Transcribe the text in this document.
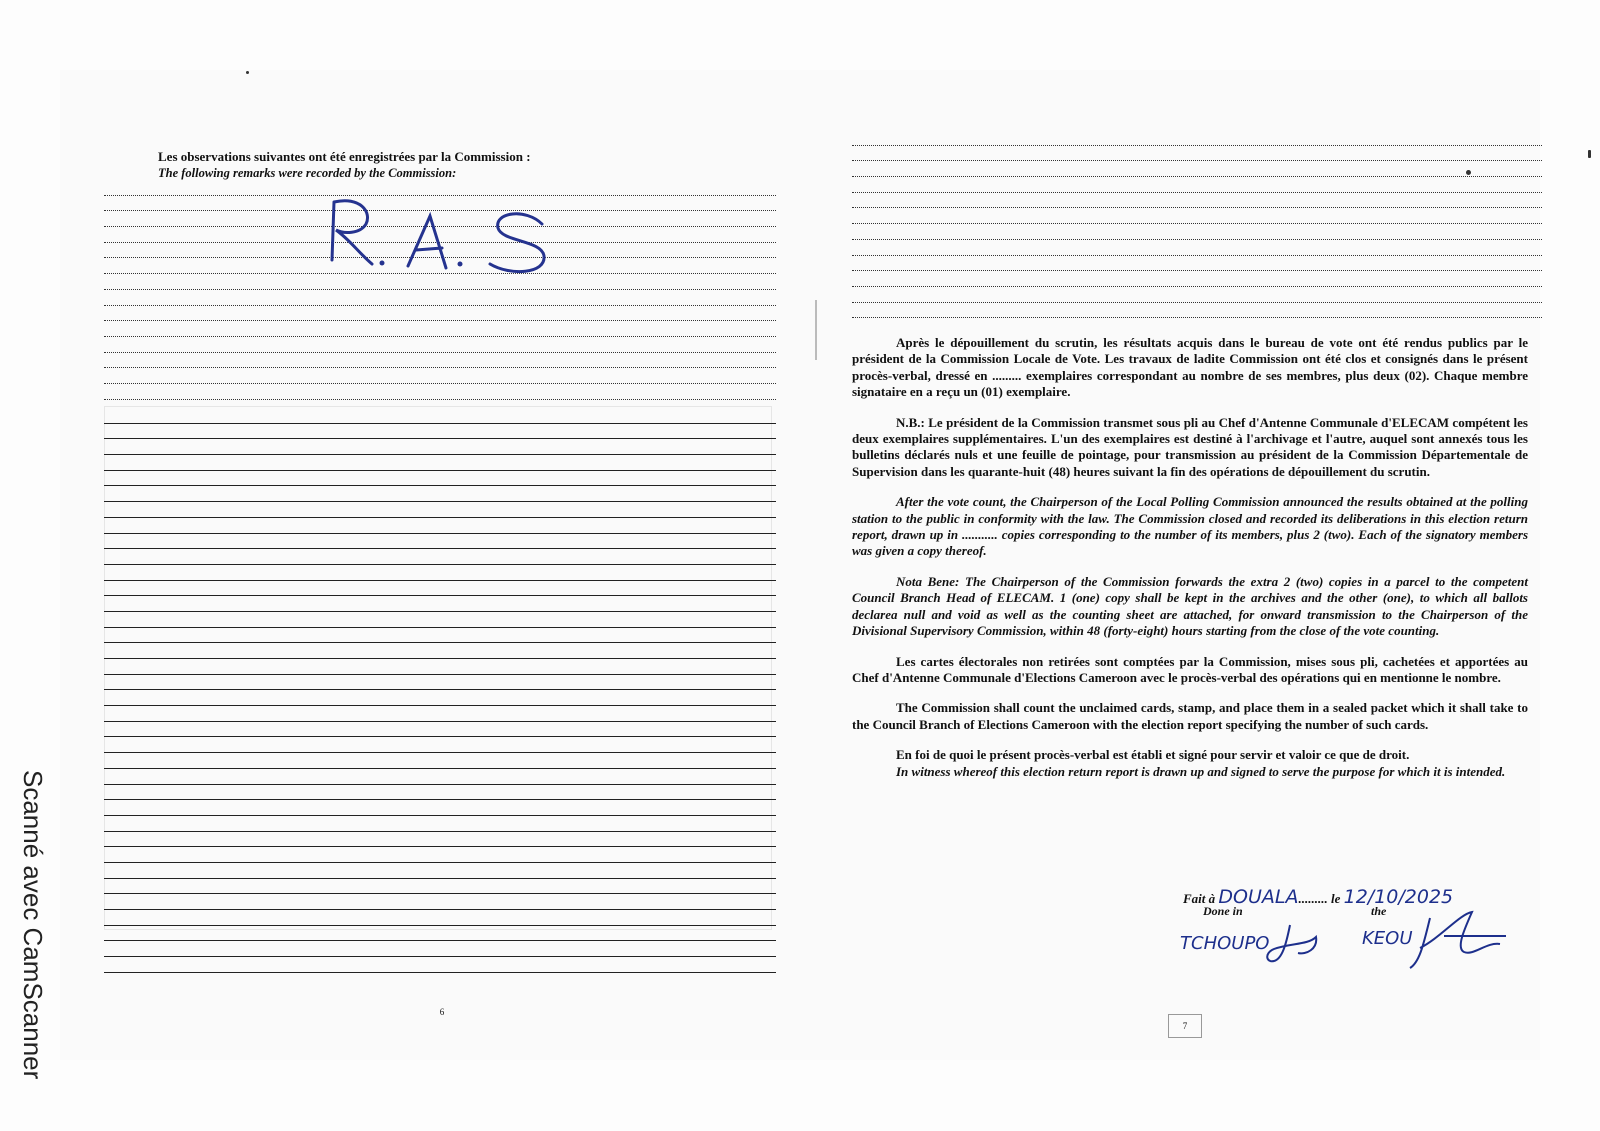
Scanné avec CamScanner
Les observations suivantes ont été enregistrées par la Commission :
The following remarks were recorded by the Commission:
6

Après le dépouillement du scrutin, les résultats acquis dans le bureau de vote ont été rendus publics par le président de la Commission Locale de Vote. Les travaux de ladite Commission ont été clos et consignés dans le présent procès-verbal, dressé en ......... exemplaires correspondant au nombre de ses membres, plus deux (02). Chaque membre signataire en a reçu un (01) exemplaire.

N.B.: Le président de la Commission transmet sous pli au Chef d'Antenne Communale d'ELECAM compétent les deux exemplaires supplémentaires. L'un des exemplaires est destiné à l'archivage et l'autre, auquel sont annexés tous les bulletins déclarés nuls et une feuille de pointage, pour transmission au président de la Commission Départementale de Supervision dans les quarante-huit (48) heures suivant la fin des opérations de dépouillement du scrutin.

After the vote count, the Chairperson of the Local Polling Commission announced the results obtained at the polling station to the public in conformity with the law. The Commission closed and recorded its deliberations in this election return report, drawn up in ........... copies corresponding to the number of its members, plus 2 (two). Each of the signatory members was given a copy thereof.

Nota Bene: The Chairperson of the Commission forwards the extra 2 (two) copies in a parcel to the competent Council Branch Head of ELECAM. 1 (one) copy shall be kept in the archives and the other (one), to which all ballots declarea null and void as well as the counting sheet are attached, for onward transmission to the Chairperson of the Divisional Supervisory Commission, within 48 (forty-eight) hours starting from the close of the vote counting.

Les cartes électorales non retirées sont comptées par la Commission, mises sous pli, cachetées et apportées au Chef d'Antenne Communale d'Elections Cameroon avec le procès-verbal des opérations qui en mentionne le nombre.

The Commission shall count the unclaimed cards, stamp, and place them in a sealed packet which it shall take to the Council Branch of Elections Cameroon with the election report specifying the number of such cards.

En foi de quoi le présent procès-verbal est établi et signé pour servir et valoir ce que de droit.

In witness whereof this election return report is drawn up and signed to serve the purpose for which it is intended.

Fait à DOUALA......... le 12/10/2025
Done in	the
TCHOUPO	KEOU
7
